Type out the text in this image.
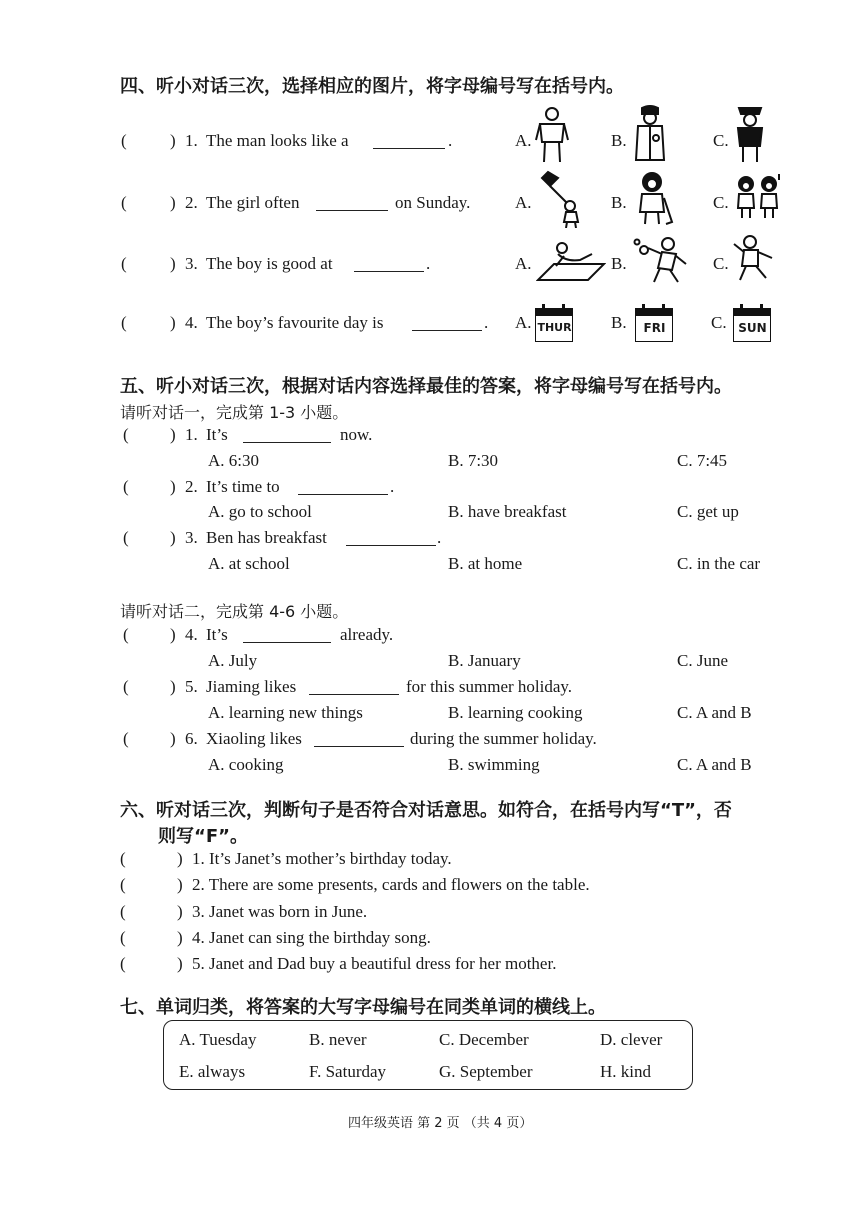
四、听小对话三次，选择相应的图片，将字母编号写在括号内。
(	) 1. The man looks like a	.	A.	B.	C.
(	) 2. The girl often	on Sunday.	A.	B.	C.
(	) 3. The boy is good at	.	A.	B.	C.
(	) 4. The boy’s favourite day is	. A. THUR B.	FRI	C. SUN
五、听小对话三次，根据对话内容选择最佳的答案，将字母编号写在括号内。
请听对话一，完成第 1-3 小题。
( ) 1. It’s	now.
A. 6:30	B. 7:30	C. 7:45
( ) 2. It’s time to	.
A. go to school	B. have breakfast	C. get up
( ) 3. Ben has breakfast	.
A. at school	B. at home	C. in the car
请听对话二，完成第 4-6 小题。
( ) 4. It’s	already.
A. July	B. January	C. June
( ) 5. Jiaming likes	for this summer holiday.
A. learning new things	B. learning cooking	C. A and B
( ) 6. Xiaoling likes	during the summer holiday.
A. cooking	B. swimming	C. A and B
六、听对话三次，判断句子是否符合对话意思。如符合，在括号内写“T”，否
则写“F”。
(	) 1. It’s Janet’s mother’s birthday today.
(	) 2. There are some presents, cards and flowers on the table.
(	) 3. Janet was born in June.
(	) 4. Janet can sing the birthday song.
(	) 5. Janet and Dad buy a beautiful dress for her mother.
七、单词归类，将答案的大写字母编号在同类单词的横线上。
A. Tuesday	B. never	C. December	D. clever
E. always	F. Saturday	G. September	H. kind
四年级英语 第 2 页 （共 4 页）
